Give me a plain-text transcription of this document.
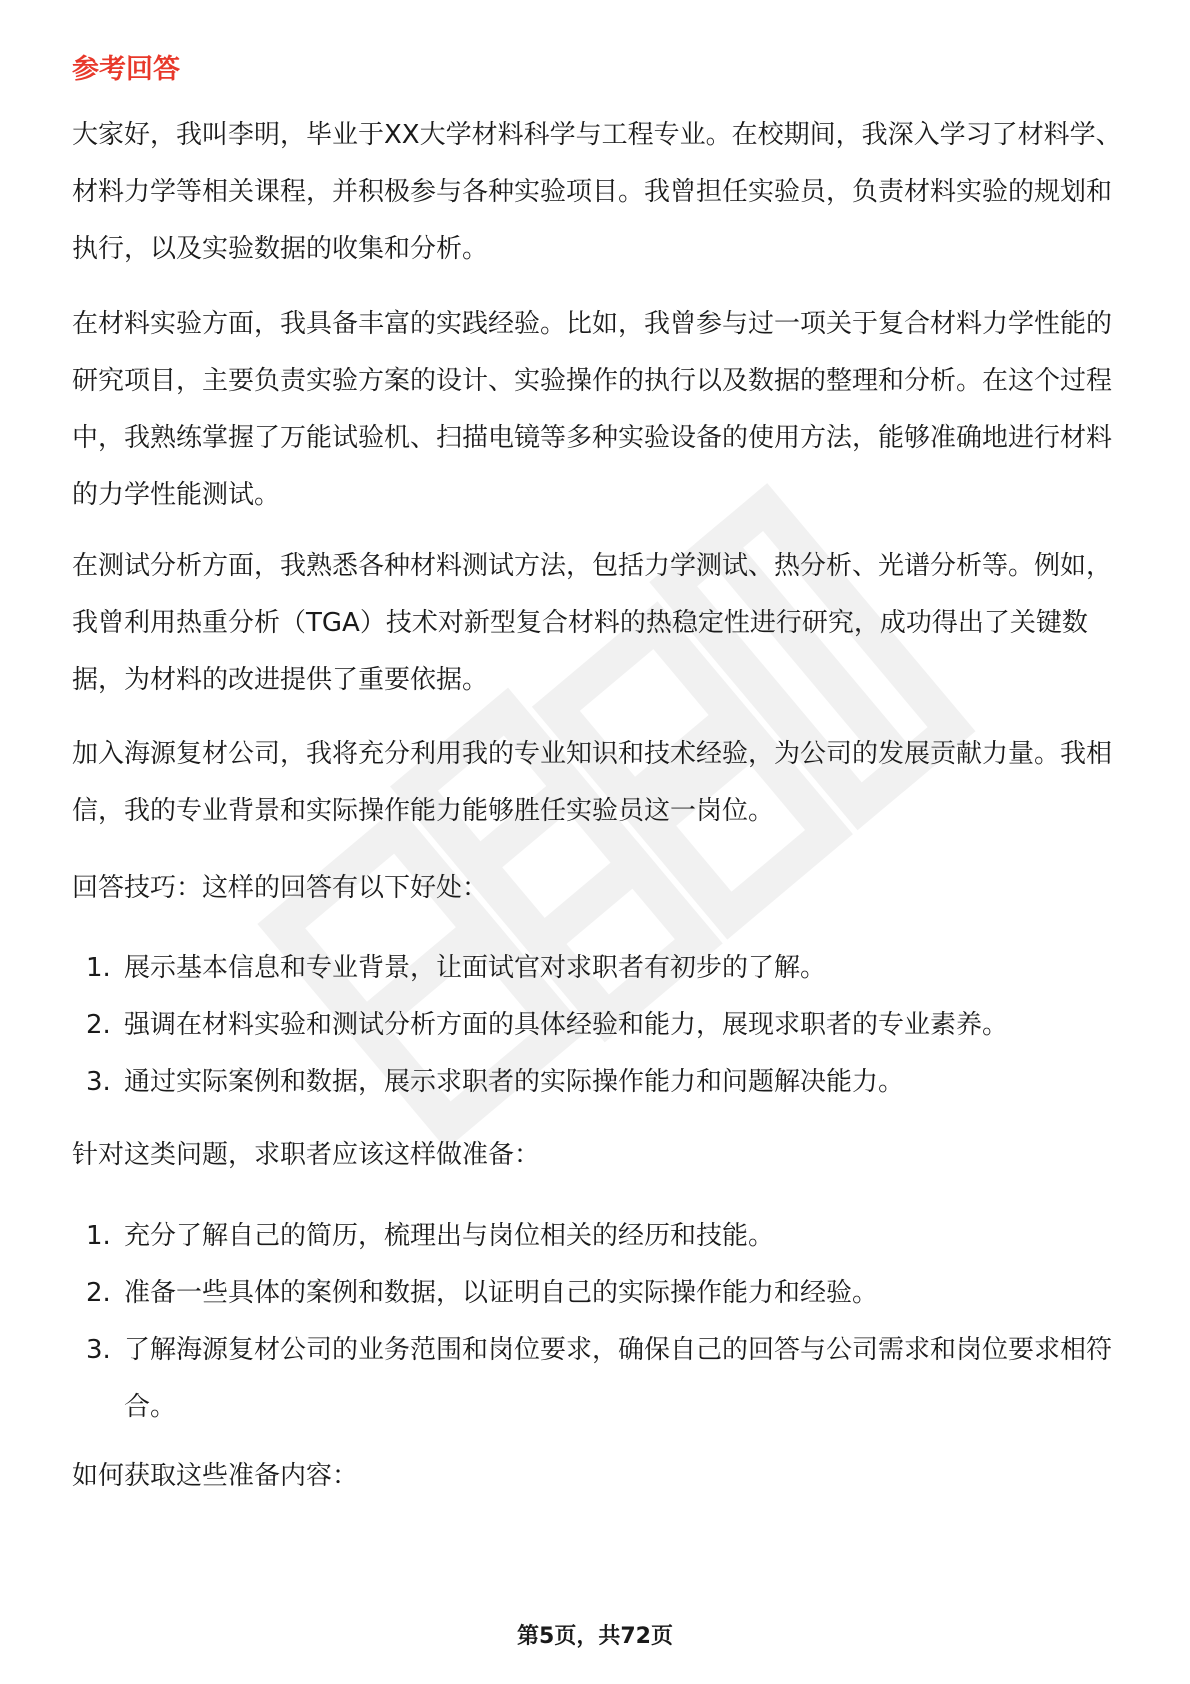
参考回答

大家好，我叫李明，毕业于XX大学材料科学与工程专业。在校期间，我深入学习了材料学、材料力学等相关课程，并积极参与各种实验项目。我曾担任实验员，负责材料实验的规划和执行，以及实验数据的收集和分析。

在材料实验方面，我具备丰富的实践经验。比如，我曾参与过一项关于复合材料力学性能的研究项目，主要负责实验方案的设计、实验操作的执行以及数据的整理和分析。在这个过程中，我熟练掌握了万能试验机、扫描电镜等多种实验设备的使用方法，能够准确地进行材料的力学性能测试。

在测试分析方面，我熟悉各种材料测试方法，包括力学测试、热分析、光谱分析等。例如，我曾利用热重分析（TGA）技术对新型复合材料的热稳定性进行研究，成功得出了关键数据，为材料的改进提供了重要依据。

加入海源复材公司，我将充分利用我的专业知识和技术经验，为公司的发展贡献力量。我相信，我的专业背景和实际操作能力能够胜任实验员这一岗位。

回答技巧：这样的回答有以下好处：

1. 展示基本信息和专业背景，让面试官对求职者有初步的了解。
2. 强调在材料实验和测试分析方面的具体经验和能力，展现求职者的专业素养。
3. 通过实际案例和数据，展示求职者的实际操作能力和问题解决能力。

针对这类问题，求职者应该这样做准备：

1. 充分了解自己的简历，梳理出与岗位相关的经历和技能。
2. 准备一些具体的案例和数据，以证明自己的实际操作能力和经验。
3. 了解海源复材公司的业务范围和岗位要求，确保自己的回答与公司需求和岗位要求相符合。

如何获取这些准备内容：

第5页，共72页
